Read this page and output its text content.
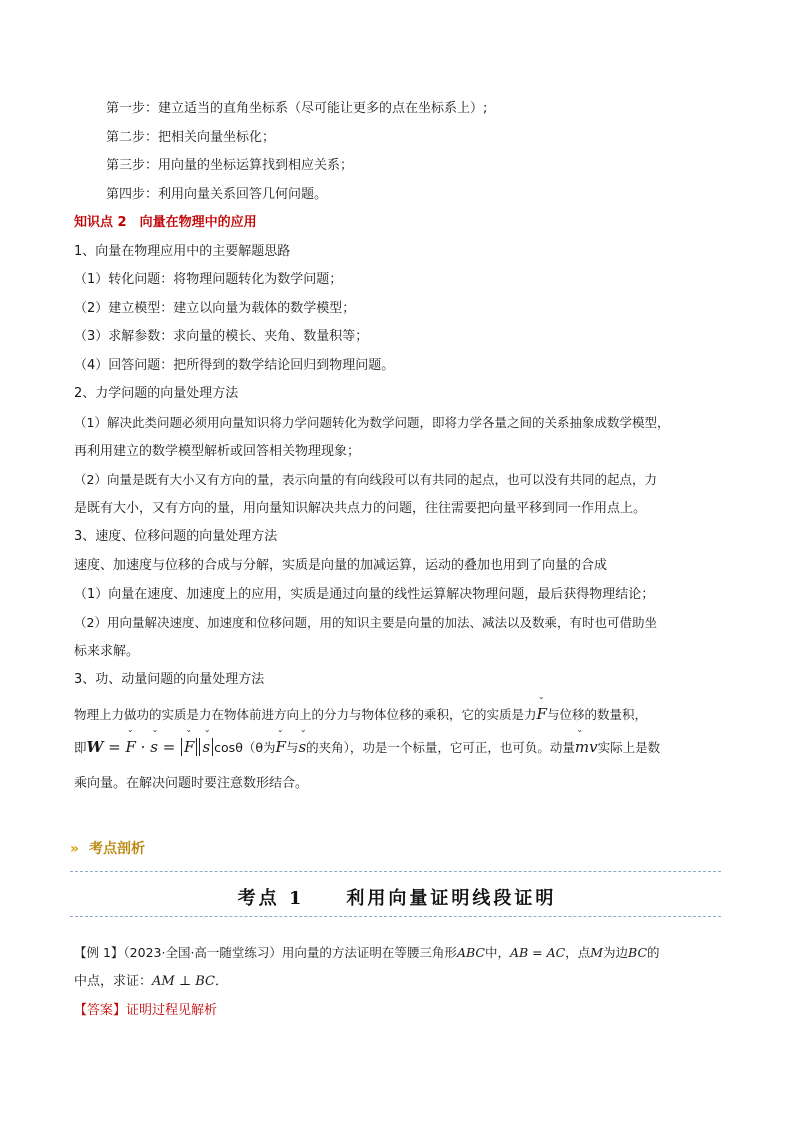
第一步：建立适当的直角坐标系（尽可能让更多的点在坐标系上）;
第二步：把相关向量坐标化；
第三步：用向量的坐标运算找到相应关系；
第四步：利用向量关系回答几何问题。
知识点 2　向量在物理中的应用
1、向量在物理应用中的主要解题思路
（1）转化问题：将物理问题转化为数学问题；
（2）建立模型：建立以向量为载体的数学模型；
（3）求解参数：求向量的模长、夹角、数量积等；
（4）回答问题：把所得到的数学结论回归到物理问题。
2、力学问题的向量处理方法
（1）解决此类问题必须用向量知识将力学问题转化为数学问题，即将力学各量之间的关系抽象成数学模型，
再利用建立的数学模型解析或回答相关物理现象；
（2）向量是既有大小又有方向的量，表示向量的有向线段可以有共同的起点，也可以没有共同的起点，力
是既有大小，又有方向的量，用向量知识解决共点力的问题，往往需要把向量平移到同一作用点上。
3、速度、位移问题的向量处理方法
速度、加速度与位移的合成与分解，实质是向量的加减运算，运动的叠加也用到了向量的合成
（1）向量在速度、加速度上的应用，实质是通过向量的线性运算解决物理问题，最后获得物理结论；
（2）用向量解决速度、加速度和位移问题，用的知识主要是向量的加法、减法以及数乘，有时也可借助坐
标来求解。
3、功、动量问题的向量处理方法
物理上力做功的实质是力在物体前进方向上的分力与物体位移的乘积，它的实质是力ˇ F与位移的数量积，
即W = ˇ F · ˇ s = ˇ Fˇ s cosθ（θ为ˇ F与ˇ s的夹角），功是一个标量，它可正，也可负。动量ˇ mv实际上是数
乘向量。在解决问题时要注意数形结合。
» 考点剖析
考点 1　　利用向量证明线段证明
【例 1】（2023·全国·高一随堂练习）用向量的方法证明在等腰三角形ABC中，AB = AC，点M为边BC的
中点，求证：AM ⊥ BC．
【答案】证明过程见解析
